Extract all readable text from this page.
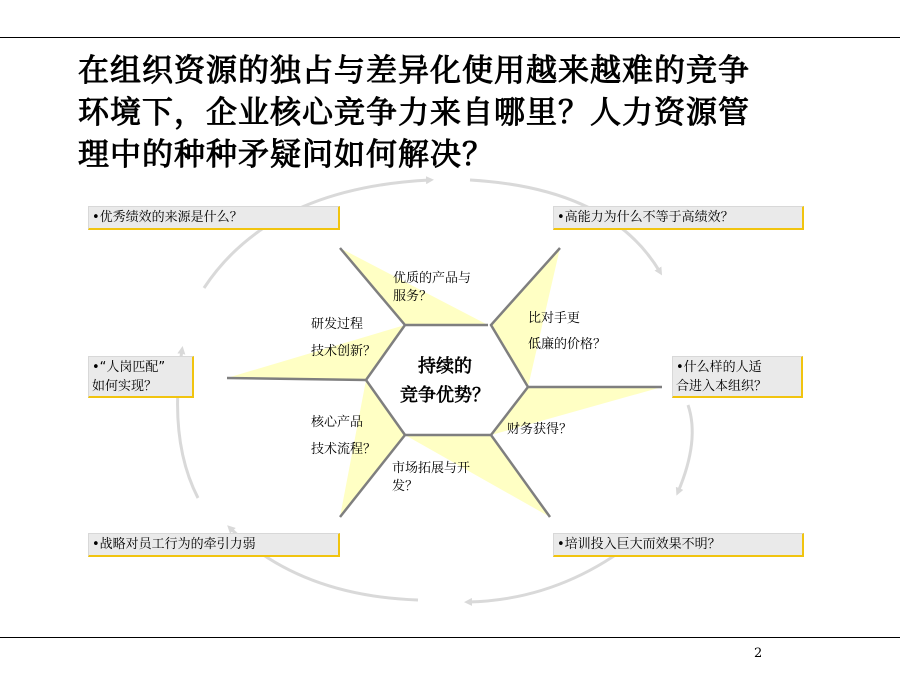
在组织资源的独占与差异化使用越来越难的竞争
环境下，企业核心竞争力来自哪里？人力资源管
理中的种种矛疑问如何解决？
•优秀绩效的来源是什么？	•高能力为什么不等于高绩效？
•“人岗匹配”
如何实现？
•什么样的人适
合进入本组织？
•战略对员工行为的牵引力弱	•培训投入巨大而效果不明？
优质的产品与
服务？
研发过程
技术创新？
比对手更
低廉的价格？
核心产品
技术流程？
财务获得？
市场拓展与开
发？
持续的
竞争优势？
2
